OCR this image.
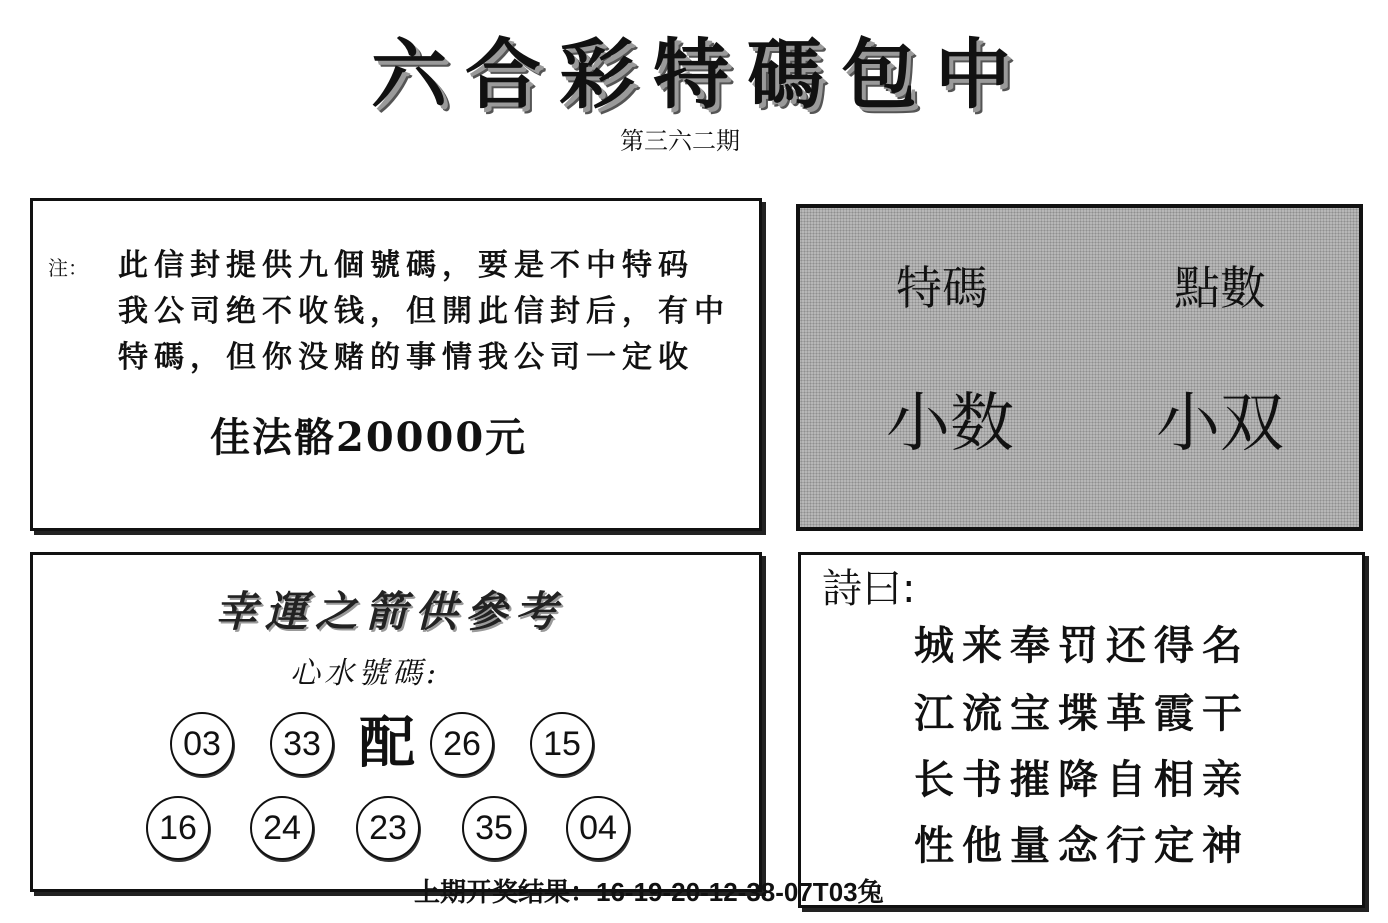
六合彩特碼包中
第三六二期
注：	此信封提供九個號碼，要是不中特码
我公司绝不收钱，但開此信封后，有中
特碼，但你没赌的事情我公司一定收
佳法骼20000元
特碼	點數
小数	小双
幸運之箭供參考
心水號碼:
03	33 配 26	15
16	24	23	35	04
詩曰:
城来奉罚还得名
江流宝堞革霞干
长书摧降自相亲
性他量念行定神
上期开奖结果：16-19-20-12-38-07T03兔
